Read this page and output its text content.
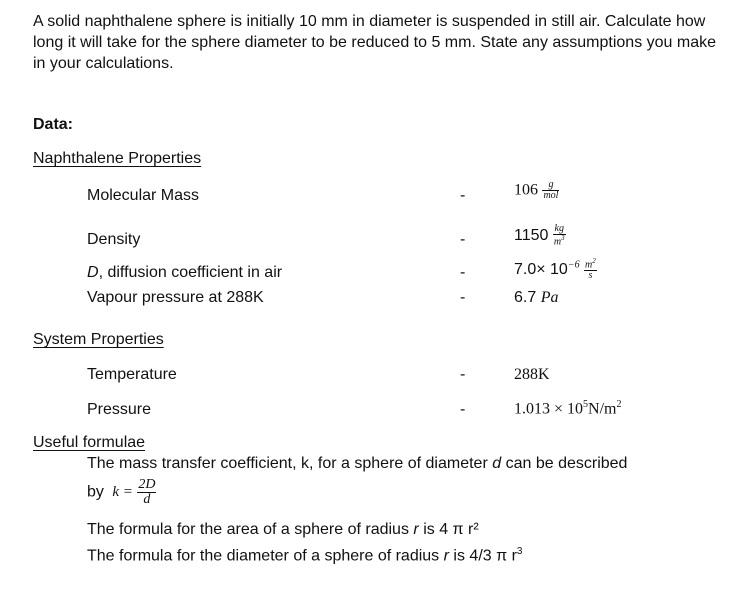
A solid naphthalene sphere is initially 10 mm in diameter is suspended in still air. Calculate how long it will take for the sphere diameter to be reduced to 5 mm. State any assumptions you make in your calculations.
Data:
Naphthalene Properties
Molecular Mass	-	$106 \frac{g}{\text{mol}}$
Density	-	$1150 \frac{kg}{m^3}$
D, diffusion coefficient in air	-	$7.0\times 10^{-6} \frac{m^2}{s}$
Vapour pressure at 288K	-	6.7 Pa
System Properties
Temperature	-	288K
Pressure	-	$1.013 \times 10^5N/m^2$
Useful formulae
The mass transfer coefficient, k, for a sphere of diameter d can be described
by $k = \frac{2D}{d}$
The formula for the area of a sphere of radius r is 4 π r²
The formula for the diameter of a sphere of radius r is 4/3 π $r^3$
